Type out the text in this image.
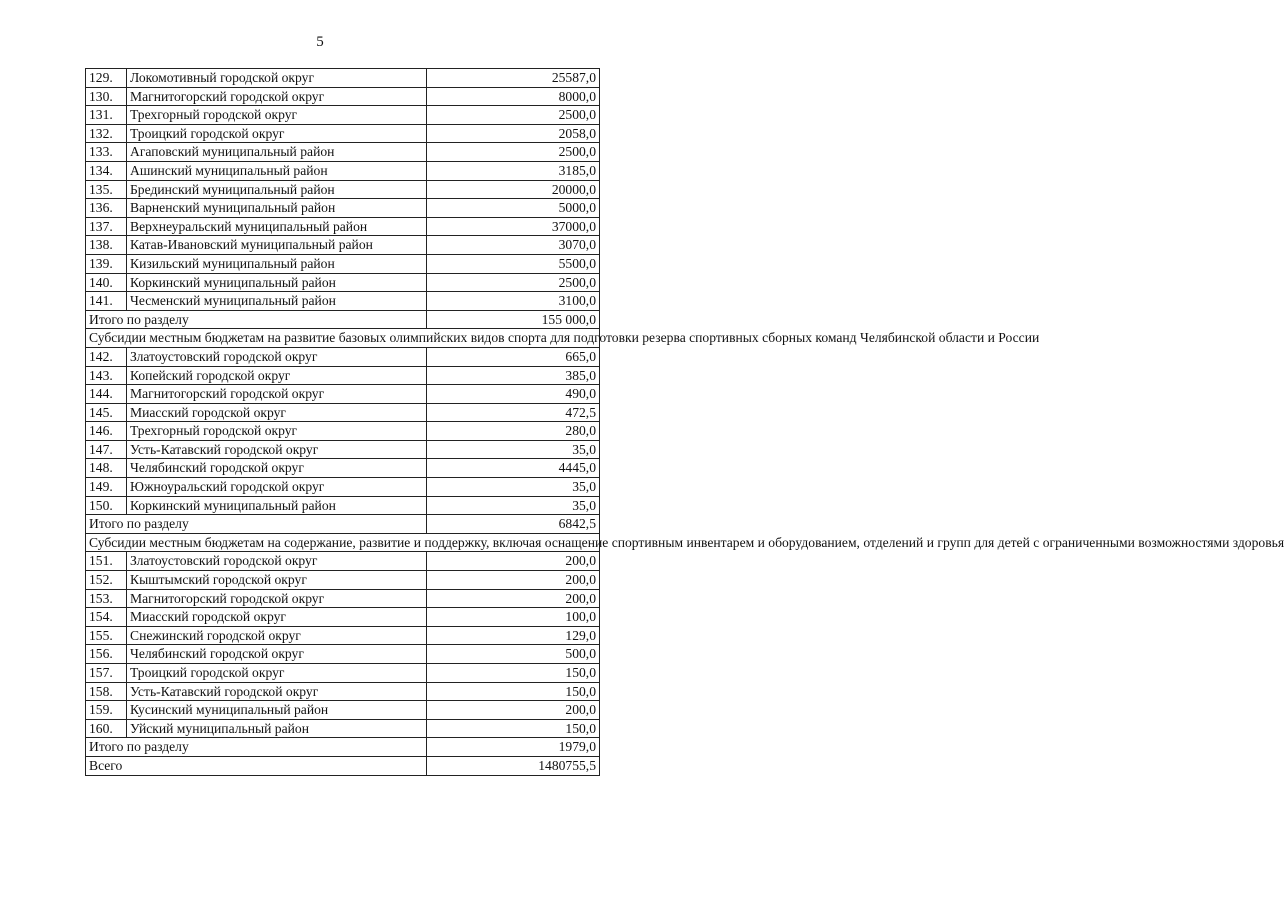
5
129.	Локомотивный городской округ	25587,0
130.	Магнитогорский городской округ	8000,0
131.	Трехгорный городской округ	2500,0
132.	Троицкий городской округ	2058,0
133.	Агаповский муниципальный район	2500,0
134.	Ашинский муниципальный район	3185,0
135.	Брединский муниципальный район	20000,0
136.	Варненский муниципальный район	5000,0
137.	Верхнеуральский муниципальный район	37000,0
138.	Катав-Ивановский муниципальный район	3070,0
139.	Кизильский муниципальный район	5500,0
140.	Коркинский муниципальный район	2500,0
141.	Чесменский муниципальный район	3100,0
Итого по разделу		155 000,0
Субсидии местным бюджетам на развитие базовых олимпийских видов спорта для подготовки резерва спортивных сборных команд Челябинской области и России		
142.	Златоустовский городской округ	665,0
143.	Копейский городской округ	385,0
144.	Магнитогорский городской округ	490,0
145.	Миасский городской округ	472,5
146.	Трехгорный городской округ	280,0
147.	Усть-Катавский городской округ	35,0
148.	Челябинский городской округ	4445,0
149.	Южноуральский городской округ	35,0
150.	Коркинский муниципальный район	35,0
Итого по разделу		6842,5
Субсидии местным бюджетам на содержание, развитие и поддержку, включая оснащение спортивным инвентарем и оборудованием, отделений и групп для детей с ограниченными возможностями здоровья		
151.	Златоустовский городской округ	200,0
152.	Кыштымский городской округ	200,0
153.	Магнитогорский городской округ	200,0
154.	Миасский городской округ	100,0
155.	Снежинский городской округ	129,0
156.	Челябинский городской округ	500,0
157.	Троицкий городской округ	150,0
158.	Усть-Катавский городской округ	150,0
159.	Кусинский муниципальный район	200,0
160.	Уйский муниципальный район	150,0
Итого по разделу		1979,0
Всего		1480755,5
